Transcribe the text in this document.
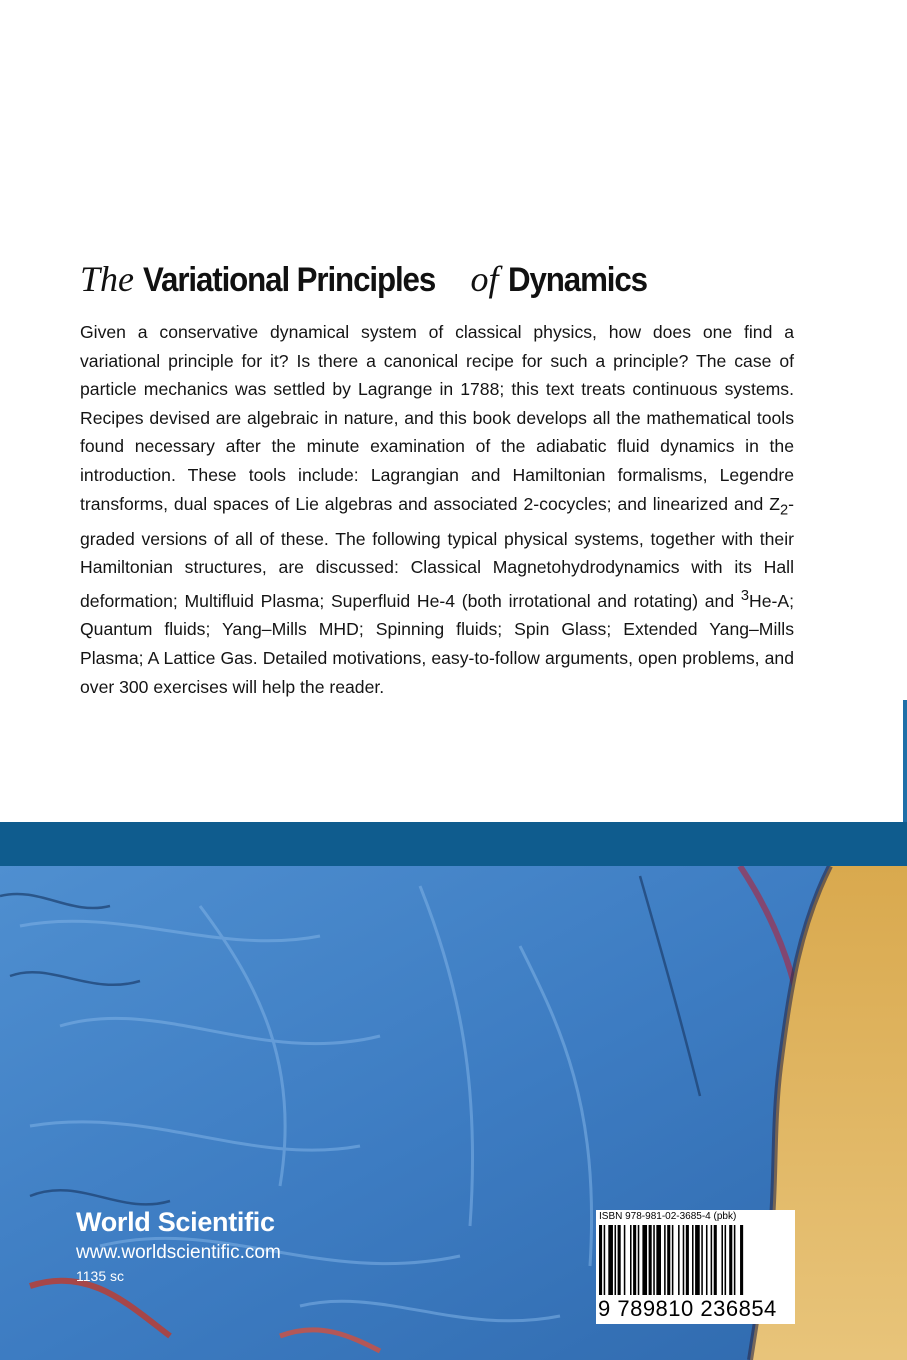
The Variational Principles of Dynamics

Given a conservative dynamical system of classical physics, how does one find a variational principle for it? Is there a canonical recipe for such a principle? The case of particle mechanics was settled by Lagrange in 1788; this text treats continuous systems. Recipes devised are algebraic in nature, and this book develops all the mathematical tools found necessary after the minute examination of the adiabatic fluid dynamics in the introduction. These tools include: Lagrangian and Hamiltonian formalisms, Legendre transforms, dual spaces of Lie algebras and associated 2-cocycles; and linearized and $Z_2$-graded versions of all of these. The following typical physical systems, together with their Hamiltonian structures, are discussed: Classical Magnetohydrodynamics with its Hall deformation; Multifluid Plasma; Superfluid He-4 (both irrotational and rotating) and $^3$He-A; Quantum fluids; Yang–Mills MHD; Spinning fluids; Spin Glass; Extended Yang–Mills Plasma; A Lattice Gas. Detailed motivations, easy-to-follow arguments, open problems, and over 300 exercises will help the reader.

World Scientific
www.worldscientific.com
1135 sc
ISBN 978-981-02-3685-4 (pbk)
9 789810 236854
